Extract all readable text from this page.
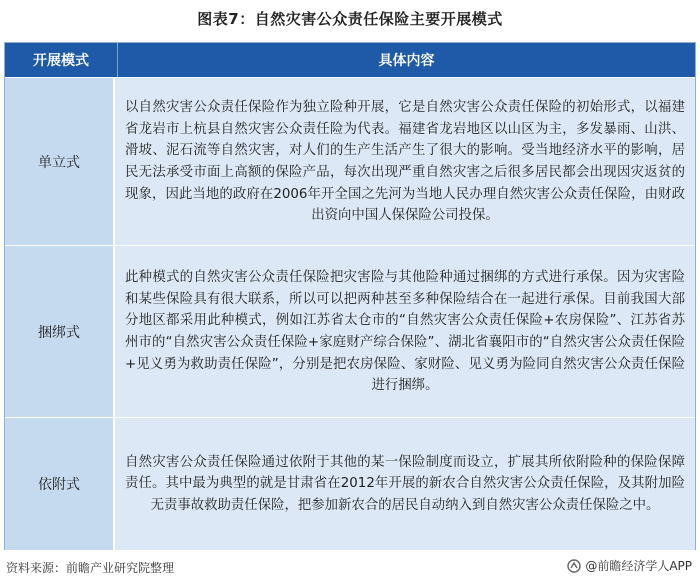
图表7：自然灾害公众责任保险主要开展模式
开展模式	具体内容
单立式
以自然灾害公众责任保险作为独立险种开展，它是自然灾害公众责任保险的初始形式，以福建省龙岩市上杭县自然灾害公众责任险为代表。福建省龙岩地区以山区为主，多发暴雨、山洪、滑坡、泥石流等自然灾害，对人们的生产生活产生了很大的影响。受当地经济水平的影响，居民无法承受市面上高额的保险产品，每次出现严重自然灾害之后很多居民都会出现因灾返贫的现象，因此当地的政府在2006年开全国之先河为当地人民办理自然灾害公众责任保险，由财政出资向中国人保保险公司投保。
捆绑式
此种模式的自然灾害公众责任保险把灾害险与其他险种通过捆绑的方式进行承保。因为灾害险和某些保险具有很大联系，所以可以把两种甚至多种保险结合在一起进行承保。目前我国大部分地区都采用此种模式，例如江苏省太仓市的“自然灾害公众责任保险+农房保险”、江苏省苏州市的“自然灾害公众责任保险+家庭财产综合保险”、湖北省襄阳市的“自然灾害公众责任保险+见义勇为救助责任保险”，分别是把农房保险、家财险、见义勇为险同自然灾害公众责任保险进行捆绑。
依附式
自然灾害公众责任保险通过依附于其他的某一保险制度而设立，扩展其所依附险种的保险保障责任。其中最为典型的就是甘肃省在2012年开展的新农合自然灾害公众责任保险，及其附加险无责事故救助责任保险，把参加新农合的居民自动纳入到自然灾害公众责任保险之中。
资料来源：前瞻产业研究院整理	@前瞻经济学人APP
